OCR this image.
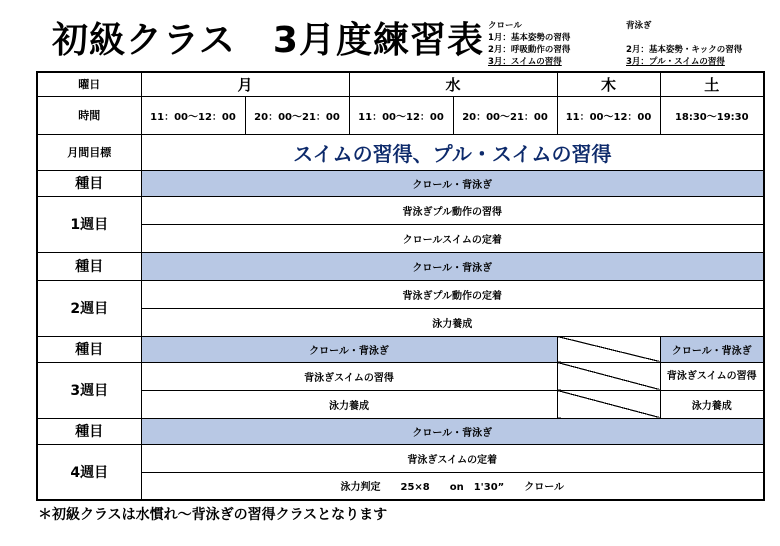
初級クラス　3月度練習表 クロール
1月：基本姿勢の習得
2月：呼吸動作の習得
3月：スイムの習得
背泳ぎ

2月：基本姿勢・キックの習得
3月：プル・スイムの習得
曜日	月		水		木	土
時間	11：00〜12：00	20：00〜21：00	11：00〜12：00	20：00〜21：00	11：00〜12：00	18:30〜19:30
月間目標	スイムの習得、プル・スイムの習得					
種目	クロール・背泳ぎ					
1週目	背泳ぎプル動作の習得					
	クロールスイムの定着					
種目	クロール・背泳ぎ					
2週目	背泳ぎプル動作の定着					
	泳力養成					
種目	クロール・背泳ぎ					クロール・背泳ぎ
3週目	背泳ぎスイムの習得					背泳ぎスイムの習得
	泳力養成					泳力養成
種目	クロール・背泳ぎ					
4週目	背泳ぎスイムの定着					
	泳力判定　　25×8　　on　1'30”　　クロール					
＊初級クラスは水慣れ〜背泳ぎの習得クラスとなります
